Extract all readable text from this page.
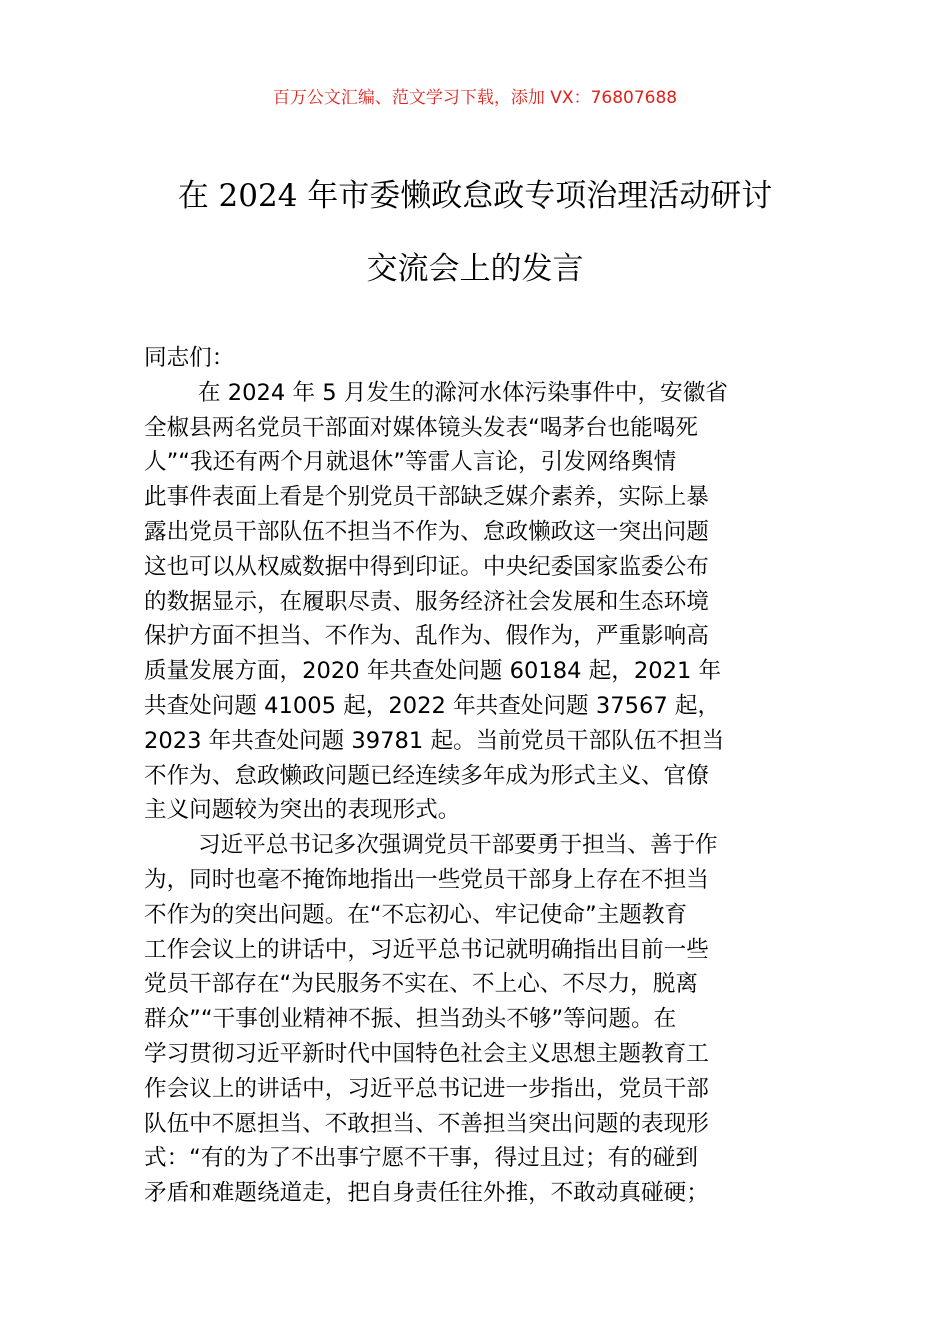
百万公文汇编、范文学习下载，添加 VX：76807688
在 2024 年市委懒政怠政专项治理活动研讨
交流会上的发言

同志们：

在 2024 年 5 月发生的滁河水体污染事件中，安徽省

全椒县两名党员干部面对媒体镜头发表“喝茅台也能喝死

人”“我还有两个月就退休”等雷人言论，引发网络舆情

此事件表面上看是个别党员干部缺乏媒介素养，实际上暴

露出党员干部队伍不担当不作为、怠政懒政这一突出问题

这也可以从权威数据中得到印证。中央纪委国家监委公布

的数据显示，在履职尽责、服务经济社会发展和生态环境

保护方面不担当、不作为、乱作为、假作为，严重影响高

质量发展方面，2020 年共查处问题 60184 起，2021 年

共查处问题 41005 起，2022 年共查处问题 37567 起，

2023 年共查处问题 39781 起。当前党员干部队伍不担当

不作为、怠政懒政问题已经连续多年成为形式主义、官僚

主义问题较为突出的表现形式。

习近平总书记多次强调党员干部要勇于担当、善于作

为，同时也毫不掩饰地指出一些党员干部身上存在不担当

不作为的突出问题。在“不忘初心、牢记使命”主题教育

工作会议上的讲话中，习近平总书记就明确指出目前一些

党员干部存在“为民服务不实在、不上心、不尽力，脱离

群众”“干事创业精神不振、担当劲头不够”等问题。在

学习贯彻习近平新时代中国特色社会主义思想主题教育工

作会议上的讲话中，习近平总书记进一步指出，党员干部

队伍中不愿担当、不敢担当、不善担当突出问题的表现形

式：“有的为了不出事宁愿不干事，得过且过；有的碰到

矛盾和难题绕道走，把自身责任往外推，不敢动真碰硬；
